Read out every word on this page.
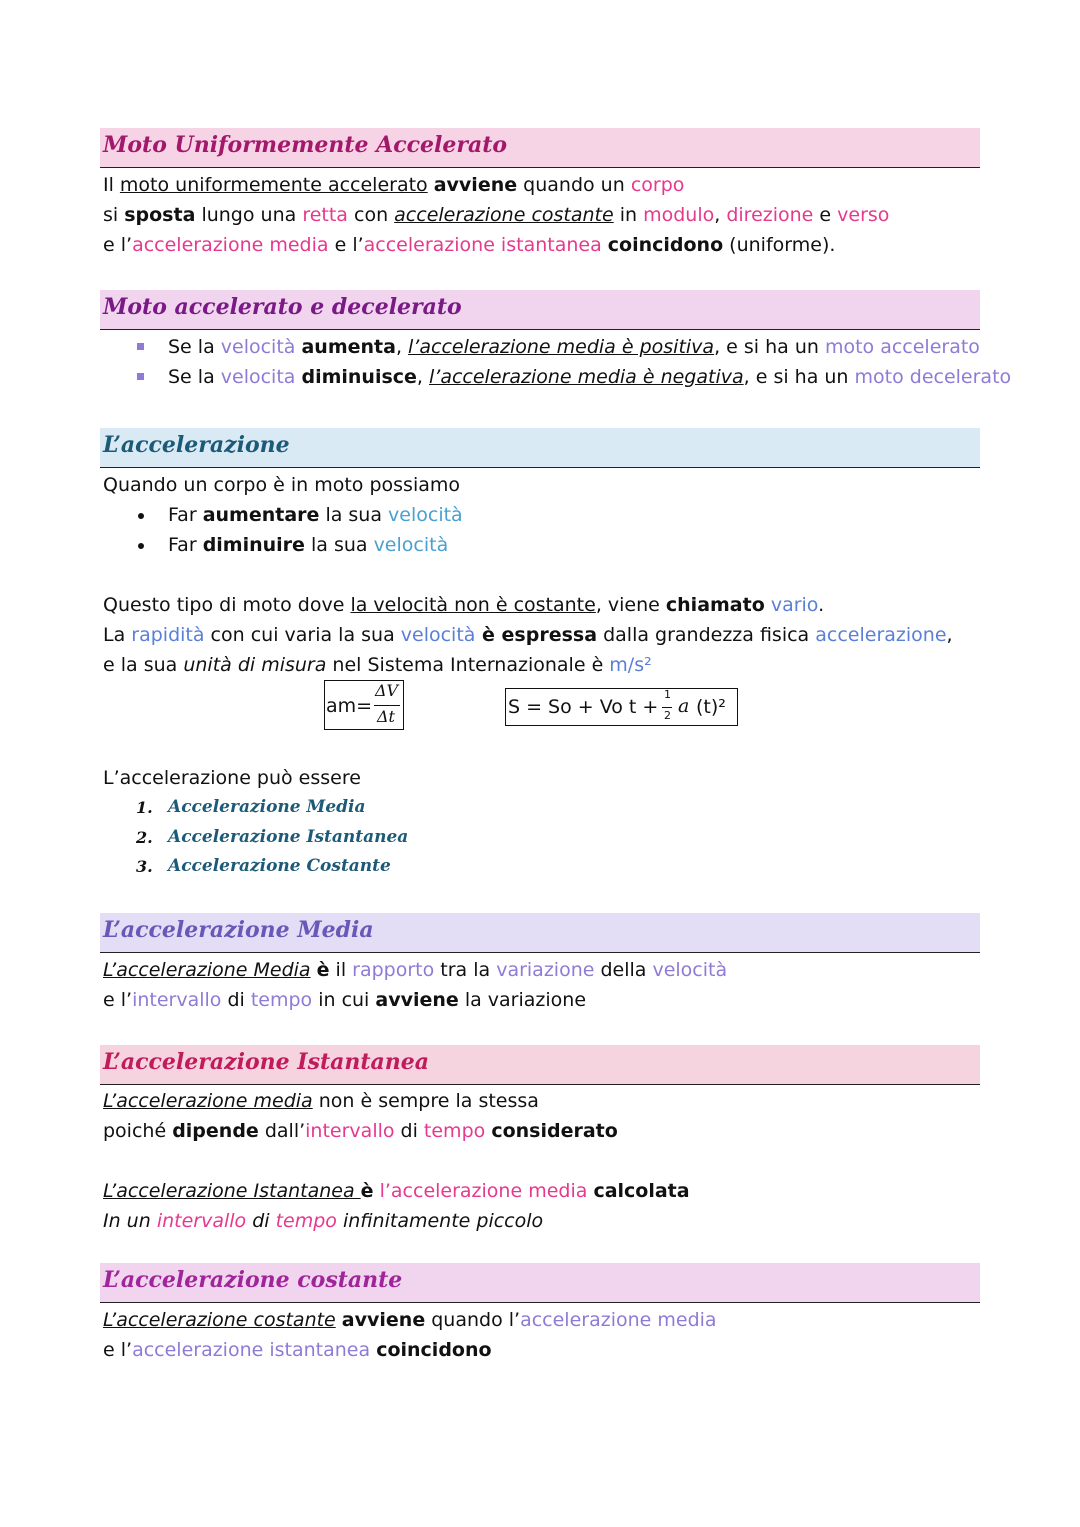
Moto Uniformemente Accelerato
Il moto uniformemente accelerato avviene quando un corpo
si sposta lungo una retta con accelerazione costante in modulo, direzione e verso
e l’accelerazione media e l’accelerazione istantanea coincidono (uniforme).
Moto accelerato e decelerato
Se la velocità aumenta, l’accelerazione media è positiva, e si ha un moto accelerato
Se la velocita diminuisce, l’accelerazione media è negativa, e si ha un moto decelerato
L’accelerazione
Quando un corpo è in moto possiamo
Far aumentare la sua velocità
Far diminuire la sua velocità
Questo tipo di moto dove la velocità non è costante, viene chiamato vario.
La rapidità con cui varia la sua velocità è espressa dalla grandezza fisica accelerazione,
e la sua unità di misura nel Sistema Internazionale è m/s²
am=
ΔV
Δt	S = So + Vo t +
1
2 a (t)²
L’accelerazione può essere
1. Accelerazione Media
2. Accelerazione Istantanea
3. Accelerazione Costante
L’accelerazione Media
L’accelerazione Media è il rapporto tra la variazione della velocità
e l’intervallo di tempo in cui avviene la variazione
L’accelerazione Istantanea
L’accelerazione media non è sempre la stessa
poiché dipende dall’intervallo di tempo considerato
L’accelerazione Istantanea è l’accelerazione media calcolata
In un intervallo di tempo infinitamente piccolo
L’accelerazione costante
L’accelerazione costante avviene quando l’accelerazione media
e l’accelerazione istantanea coincidono
